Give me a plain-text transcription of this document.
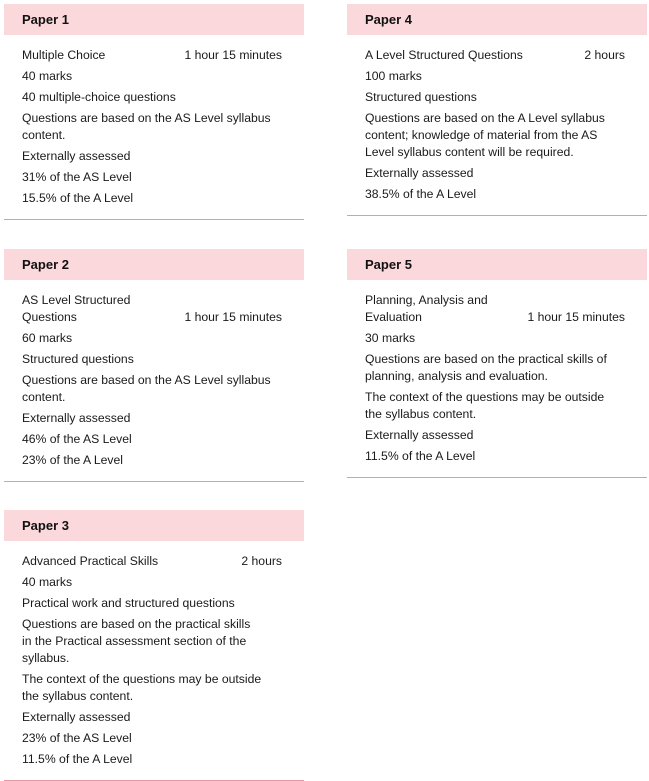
Paper 1
Multiple Choice	1 hour 15 minutes
40 marks
40 multiple-choice questions
Questions are based on the AS Level syllabus content.
Externally assessed
31% of the AS Level
15.5% of the A Level
Paper 4
A Level Structured Questions	2 hours
100 marks
Structured questions
Questions are based on the A Level syllabus content; knowledge of material from the AS Level syllabus content will be required.
Externally assessed
38.5% of the A Level
Paper 2
AS Level Structured Questions	1 hour 15 minutes
60 marks
Structured questions
Questions are based on the AS Level syllabus content.
Externally assessed
46% of the AS Level
23% of the A Level
Paper 5
Planning, Analysis and Evaluation	1 hour 15 minutes
30 marks
Questions are based on the practical skills of planning, analysis and evaluation.
The context of the questions may be outside the syllabus content.
Externally assessed
11.5% of the A Level
Paper 3
Advanced Practical Skills	2 hours
40 marks
Practical work and structured questions
Questions are based on the practical skills in the Practical assessment section of the syllabus.
The context of the questions may be outside the syllabus content.
Externally assessed
23% of the AS Level
11.5% of the A Level
